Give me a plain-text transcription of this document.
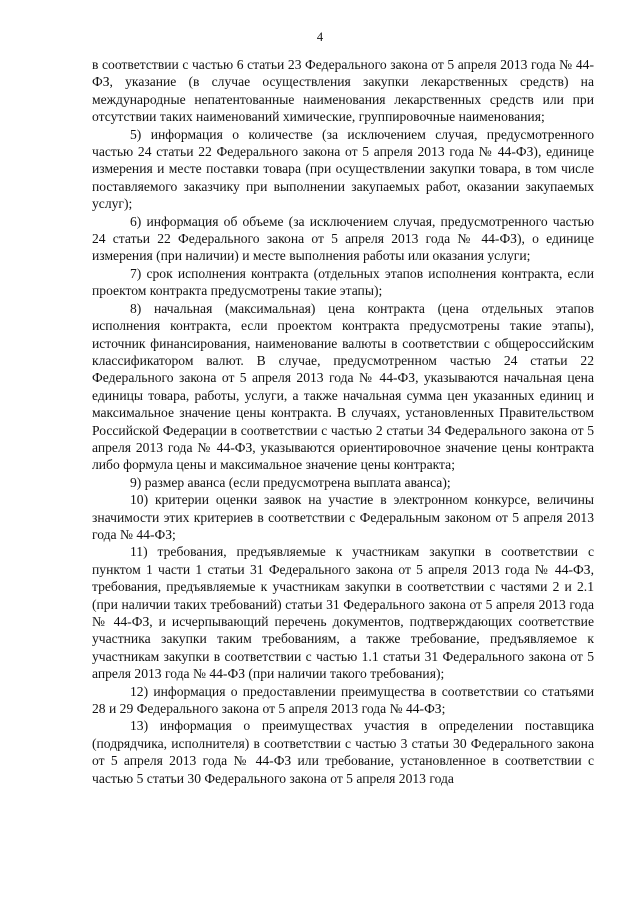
4

в соответствии с частью 6 статьи 23 Федерального закона от 5 апреля 2013 года № 44-ФЗ, указание (в случае осуществления закупки лекарственных средств) на международные непатентованные наименования лекарственных средств или при отсутствии таких наименований химические, группировочные наименования;

5) информация о количестве (за исключением случая, предусмотренного частью 24 статьи 22 Федерального закона от 5 апреля 2013 года № 44-ФЗ), единице измерения и месте поставки товара (при осуществлении закупки товара, в том числе поставляемого заказчику при выполнении закупаемых работ, оказании закупаемых услуг);

6) информация об объеме (за исключением случая, предусмотренного частью 24 статьи 22 Федерального закона от 5 апреля 2013 года № 44-ФЗ), о единице измерения (при наличии) и месте выполнения работы или оказания услуги;

7) срок исполнения контракта (отдельных этапов исполнения контракта, если проектом контракта предусмотрены такие этапы);

8) начальная (максимальная) цена контракта (цена отдельных этапов исполнения контракта, если проектом контракта предусмотрены такие этапы), источник финансирования, наименование валюты в соответствии с общероссийским классификатором валют. В случае, предусмотренном частью 24 статьи 22 Федерального закона от 5 апреля 2013 года № 44-ФЗ, указываются начальная цена единицы товара, работы, услуги, а также начальная сумма цен указанных единиц и максимальное значение цены контракта. В случаях, установленных Правительством Российской Федерации в соответствии с частью 2 статьи 34 Федерального закона от 5 апреля 2013 года № 44-ФЗ, указываются ориентировочное значение цены контракта либо формула цены и максимальное значение цены контракта;

9) размер аванса (если предусмотрена выплата аванса);

10) критерии оценки заявок на участие в электронном конкурсе, величины значимости этих критериев в соответствии с Федеральным законом от 5 апреля 2013 года № 44-ФЗ;

11) требования, предъявляемые к участникам закупки в соответствии с пунктом 1 части 1 статьи 31 Федерального закона от 5 апреля 2013 года № 44-ФЗ, требования, предъявляемые к участникам закупки в соответствии с частями 2 и 2.1 (при наличии таких требований) статьи 31 Федерального закона от 5 апреля 2013 года № 44-ФЗ, и исчерпывающий перечень документов, подтверждающих соответствие участника закупки таким требованиям, а также требование, предъявляемое к участникам закупки в соответствии с частью 1.1 статьи 31 Федерального закона от 5 апреля 2013 года № 44-ФЗ (при наличии такого требования);

12) информация о предоставлении преимущества в соответствии со статьями 28 и 29 Федерального закона от 5 апреля 2013 года № 44-ФЗ;

13) информация о преимуществах участия в определении поставщика (подрядчика, исполнителя) в соответствии с частью 3 статьи 30 Федерального закона от 5 апреля 2013 года № 44-ФЗ или требование, установленное в соответствии с частью 5 статьи 30 Федерального закона от 5 апреля 2013 года
